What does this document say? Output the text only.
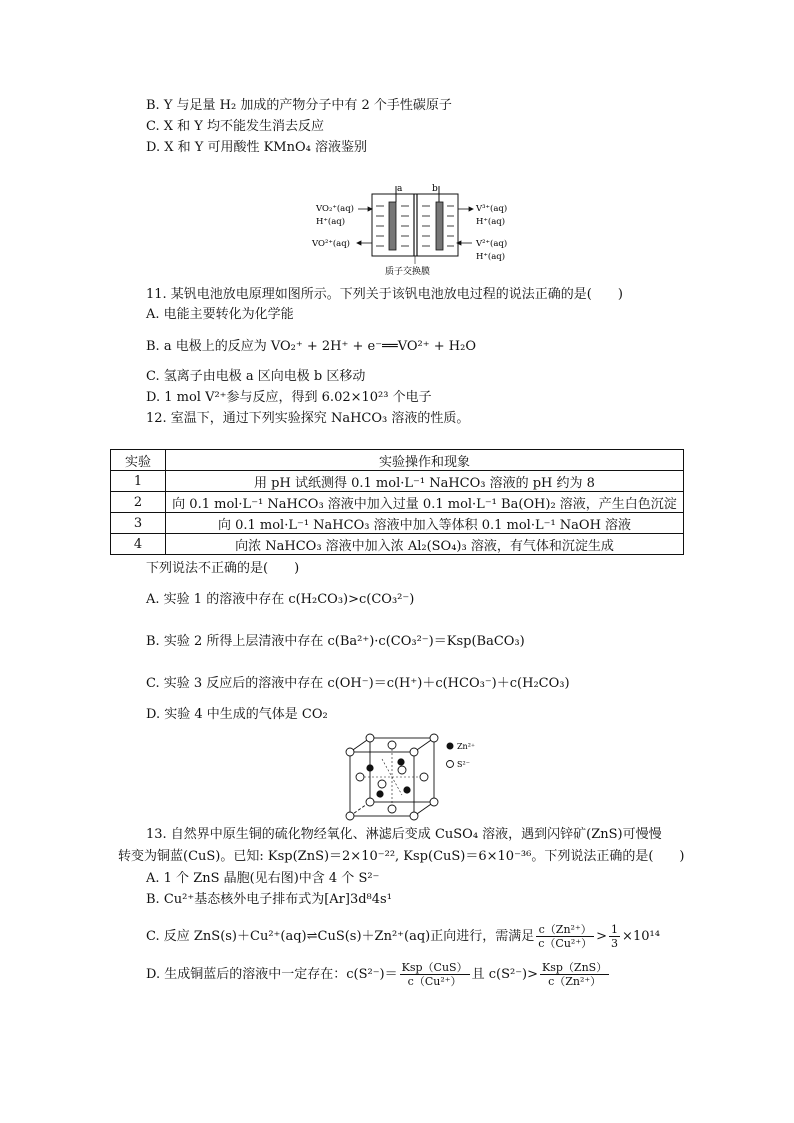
B. Y 与足量 H₂ 加成的产物分子中有 2 个手性碳原子
C. X 和 Y 均不能发生消去反应
D. X 和 Y 可用酸性 KMnO₄ 溶液鉴别
a	b
VO₂⁺(aq)
H⁺(aq)
VO²⁺(aq)
V³⁺(aq)
H⁺(aq)
V²⁺(aq)
H⁺(aq)
质子交换膜
11. 某钒电池放电原理如图所示。下列关于该钒电池放电过程的说法正确的是(　　)
A. 电能主要转化为化学能
B. a 电极上的反应为 VO₂⁺ + 2H⁺ + e⁻══VO²⁺ + H₂O
C. 氢离子由电极 a 区向电极 b 区移动
D. 1 mol V²⁺参与反应，得到 6.02×10²³ 个电子
12. 室温下，通过下列实验探究 NaHCO₃ 溶液的性质。
实验	实验操作和现象
1	用 pH 试纸测得 0.1 mol·L⁻¹ NaHCO₃ 溶液的 pH 约为 8
2	向 0.1 mol·L⁻¹ NaHCO₃ 溶液中加入过量 0.1 mol·L⁻¹ Ba(OH)₂ 溶液，产生白色沉淀
3	向 0.1 mol·L⁻¹ NaHCO₃ 溶液中加入等体积 0.1 mol·L⁻¹ NaOH 溶液
4	向浓 NaHCO₃ 溶液中加入浓 Al₂(SO₄)₃ 溶液，有气体和沉淀生成
下列说法不正确的是(　　)
A. 实验 1 的溶液中存在 c(H₂CO₃)>c(CO₃²⁻)
B. 实验 2 所得上层清液中存在 c(Ba²⁺)·c(CO₃²⁻)＝Ksp(BaCO₃)
C. 实验 3 反应后的溶液中存在 c(OH⁻)＝c(H⁺)＋c(HCO₃⁻)＋c(H₂CO₃)
D. 实验 4 中生成的气体是 CO₂
Zn²⁺
S²⁻
13. 自然界中原生铜的硫化物经氧化、淋滤后变成 CuSO₄ 溶液，遇到闪锌矿(ZnS)可慢慢
转变为铜蓝(CuS)。已知: Ksp(ZnS)＝2×10⁻²², Ksp(CuS)＝6×10⁻³⁶。下列说法正确的是(　　)
A. 1 个 ZnS 晶胞(见右图)中含 4 个 S²⁻
B. Cu²⁺基态核外电子排布式为[Ar]3d⁸4s¹
C. 反应 ZnS(s)＋Cu²⁺(aq)⇌CuS(s)＋Zn²⁺(aq)正向进行，需满足 $\frac{\text{c（Zn²⁺）}}{\text{c（Cu²⁺）}} > \frac{1}{3} \times 10^{14}$
D. 生成铜蓝后的溶液中一定存在：$c(S^{2-})= \frac{\text{Ksp（CuS）}}{\text{c（Cu²⁺）}}$ 且 $c(S^{2-})> \frac{\text{Ksp（ZnS）}}{\text{c（Zn²⁺）}}$
